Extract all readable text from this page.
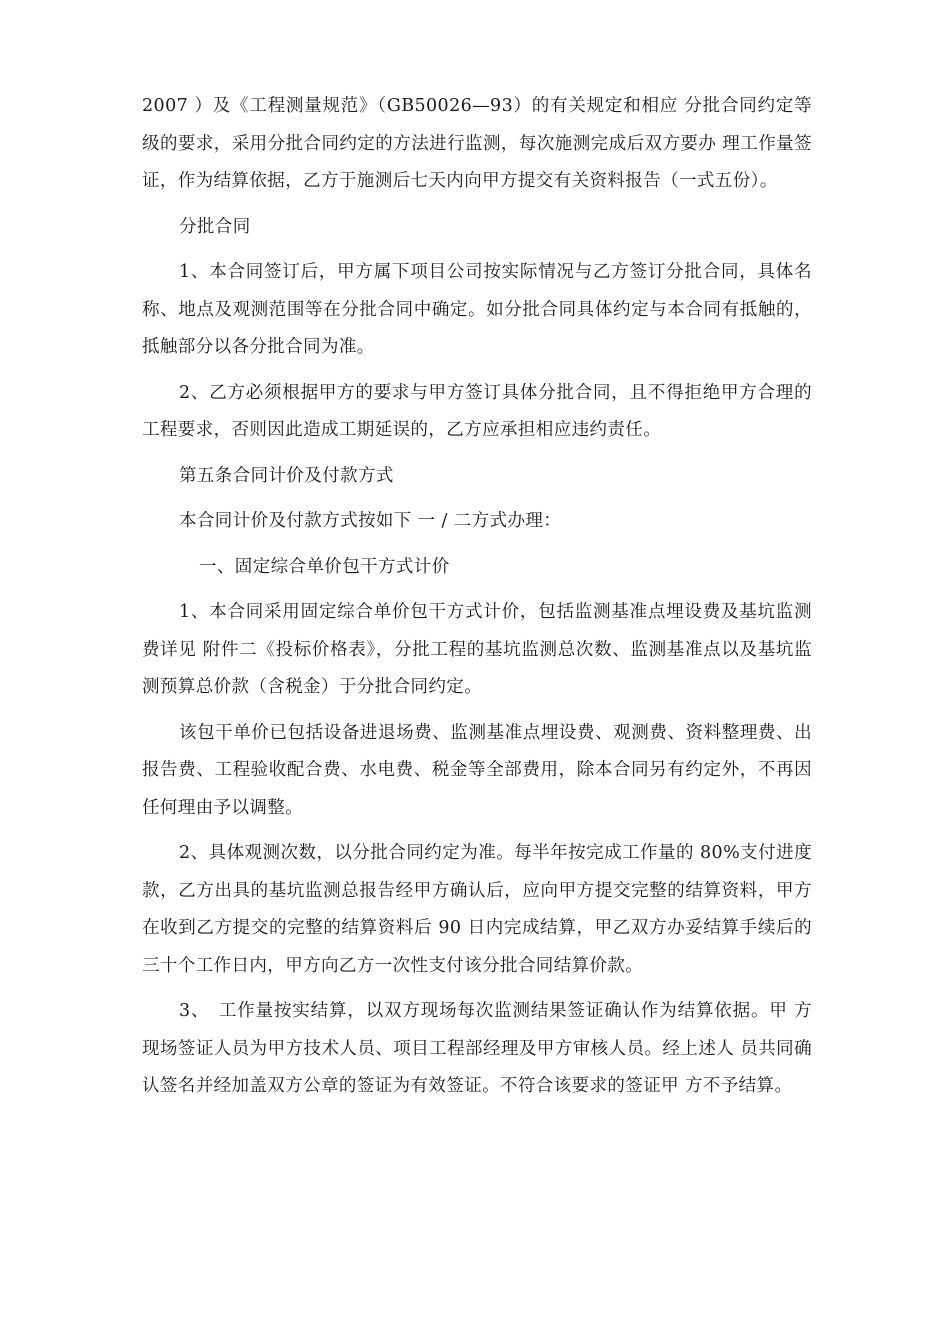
2007 ）及《工程测量规范》（GB50026—93）的有关规定和相应 分批合同约定等级的要求，采用分批合同约定的方法进行监测，每次施测完成后双方要办 理工作量签证，作为结算依据，乙方于施测后七天内向甲方提交有关资料报告（一式五份）。

分批合同

1、本合同签订后，甲方属下项目公司按实际情况与乙方签订分批合同，具体名称、地点及观测范围等在分批合同中确定。如分批合同具体约定与本合同有抵触的，抵触部分以各分批合同为准。

2、乙方必须根据甲方的要求与甲方签订具体分批合同，且不得拒绝甲方合理的工程要求，否则因此造成工期延误的，乙方应承担相应违约责任。

第五条合同计价及付款方式

本合同计价及付款方式按如下 一 / 二方式办理：

一、固定综合单价包干方式计价

1、本合同采用固定综合单价包干方式计价，包括监测基准点埋设费及基坑监测费详见 附件二《投标价格表》，分批工程的基坑监测总次数、监测基准点以及基坑监测预算总价款（含税金）于分批合同约定。

该包干单价已包括设备进退场费、监测基准点埋设费、观测费、资料整理费、出报告费、工程验收配合费、水电费、税金等全部费用，除本合同另有约定外，不再因任何理由予以调整。

2、具体观测次数，以分批合同约定为准。每半年按完成工作量的 80%支付进度款，乙方出具的基坑监测总报告经甲方确认后，应向甲方提交完整的结算资料，甲方在收到乙方提交的完整的结算资料后 90 日内完成结算，甲乙双方办妥结算手续后的三十个工作日内，甲方向乙方一次性支付该分批合同结算价款。

3、　工作量按实结算，以双方现场每次监测结果签证确认作为结算依据。甲 方现场签证人员为甲方技术人员、项目工程部经理及甲方审核人员。经上述人 员共同确认签名并经加盖双方公章的签证为有效签证。不符合该要求的签证甲 方不予结算。
